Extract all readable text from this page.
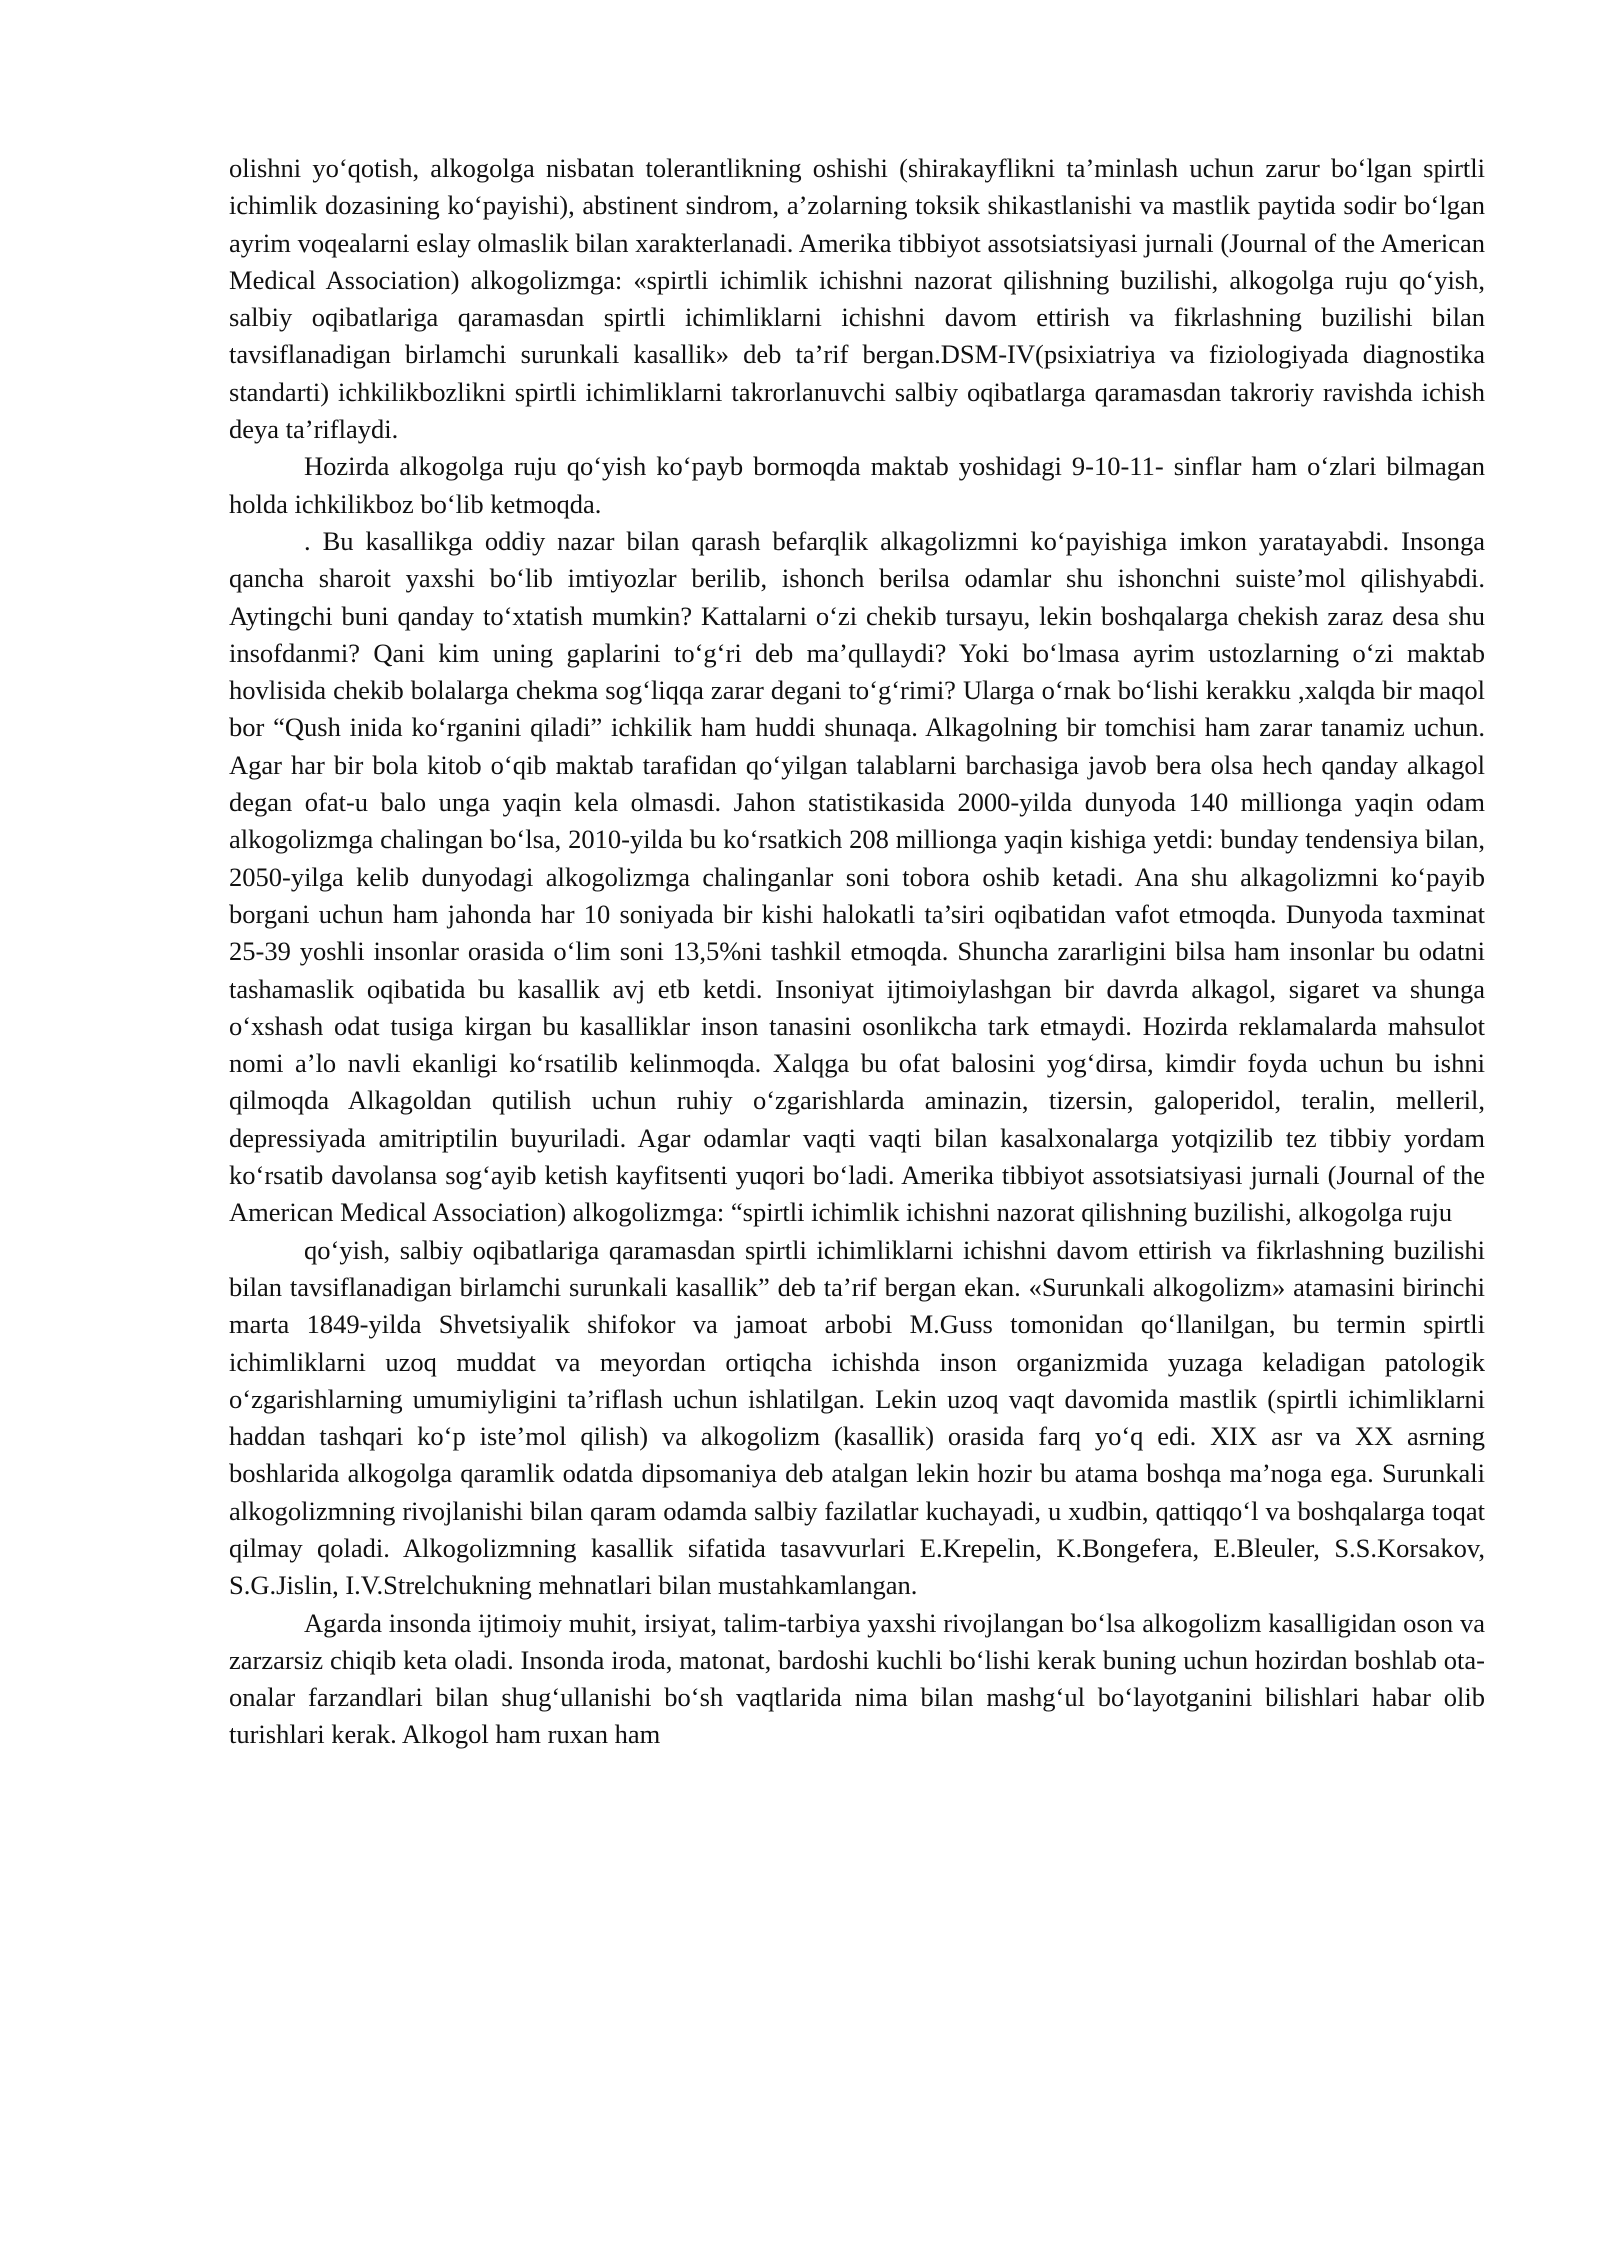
olishni yo‘qotish, alkogolga nisbatan tolerantlikning oshishi (shirakayflikni ta’minlash uchun zarur bo‘lgan spirtli ichimlik dozasining ko‘payishi), abstinent sindrom, a’zolarning toksik shikastlanishi va mastlik paytida sodir bo‘lgan ayrim voqealarni eslay olmaslik bilan xarakterlanadi. Amerika tibbiyot assotsiatsiyasi jurnali (Journal of the American Medical Association) alkogolizmga: «spirtli ichimlik ichishni nazorat qilishning buzilishi, alkogolga ruju qo‘yish, salbiy oqibatlariga qaramasdan spirtli ichimliklarni ichishni davom ettirish va fikrlashning buzilishi bilan tavsiflanadigan birlamchi surunkali kasallik» deb ta’rif bergan.DSM-IV(psixiatriya va fiziologiyada diagnostika standarti) ichkilikbozlikni spirtli ichimliklarni takrorlanuvchi salbiy oqibatlarga qaramasdan takroriy ravishda ichish deya ta’riflaydi.

Hozirda alkogolga ruju qo‘yish ko‘payb bormoqda maktab yoshidagi 9-10-11- sinflar ham o‘zlari bilmagan holda ichkilikboz bo‘lib ketmoqda.

. Bu kasallikga oddiy nazar bilan qarash befarqlik alkagolizmni ko‘payishiga imkon yaratayabdi. Insonga qancha sharoit yaxshi bo‘lib imtiyozlar berilib, ishonch berilsa odamlar shu ishonchni suiste’mol qilishyabdi. Aytingchi buni qanday to‘xtatish mumkin? Kattalarni o‘zi chekib tursayu, lekin boshqalarga chekish zaraz desa shu insofdanmi? Qani kim uning gaplarini to‘g‘ri deb ma’qullaydi? Yoki bo‘lmasa ayrim ustozlarning o‘zi maktab hovlisida chekib bolalarga chekma sog‘liqqa zarar degani to‘g‘rimi? Ularga o‘rnak bo‘lishi kerakku ,xalqda bir maqol bor “Qush inida ko‘rganini qiladi” ichkilik ham huddi shunaqa. Alkagolning bir tomchisi ham zarar tanamiz uchun. Agar har bir bola kitob o‘qib maktab tarafidan qo‘yilgan talablarni barchasiga javob bera olsa hech qanday alkagol degan ofat-u balo unga yaqin kela olmasdi. Jahon statistikasida 2000-yilda dunyoda 140 millionga yaqin odam alkogolizmga chalingan bo‘lsa, 2010-yilda bu ko‘rsatkich 208 millionga yaqin kishiga yetdi: bunday tendensiya bilan, 2050-yilga kelib dunyodagi alkogolizmga chalinganlar soni tobora oshib ketadi. Ana shu alkagolizmni ko‘payib borgani uchun ham jahonda har 10 soniyada bir kishi halokatli ta’siri oqibatidan vafot etmoqda. Dunyoda taxminat 25-39 yoshli insonlar orasida o‘lim soni 13,5%ni tashkil etmoqda. Shuncha zararligini bilsa ham insonlar bu odatni tashamaslik oqibatida bu kasallik avj etb ketdi. Insoniyat ijtimoiylashgan bir davrda alkagol, sigaret va shunga o‘xshash odat tusiga kirgan bu kasalliklar inson tanasini osonlikcha tark etmaydi. Hozirda reklamalarda mahsulot nomi a’lo navli ekanligi ko‘rsatilib kelinmoqda. Xalqga bu ofat balosini yog‘dirsa, kimdir foyda uchun bu ishni qilmoqda Alkagoldan qutilish uchun ruhiy o‘zgarishlarda aminazin, tizersin, galoperidol, teralin, melleril, depressiyada amitriptilin buyuriladi. Agar odamlar vaqti vaqti bilan kasalxonalarga yotqizilib tez tibbiy yordam ko‘rsatib davolansa sog‘ayib ketish kayfitsenti yuqori bo‘ladi. Amerika tibbiyot assotsiatsiyasi jurnali (Journal of the American Medical Association) alkogolizmga: “spirtli ichimlik ichishni nazorat qilishning buzilishi, alkogolga ruju

qo‘yish, salbiy oqibatlariga qaramasdan spirtli ichimliklarni ichishni davom ettirish va fikrlashning buzilishi bilan tavsiflanadigan birlamchi surunkali kasallik” deb ta’rif bergan ekan. «Surunkali alkogolizm» atamasini birinchi marta 1849-yilda Shvetsiyalik shifokor va jamoat arbobi M.Guss tomonidan qo‘llanilgan, bu termin spirtli ichimliklarni uzoq muddat va meyordan ortiqcha ichishda inson organizmida yuzaga keladigan patologik o‘zgarishlarning umumiyligini ta’riflash uchun ishlatilgan. Lekin uzoq vaqt davomida mastlik (spirtli ichimliklarni haddan tashqari ko‘p iste’mol qilish) va alkogolizm (kasallik) orasida farq yo‘q edi. XIX asr va XX asrning boshlarida alkogolga qaramlik odatda dipsomaniya deb atalgan lekin hozir bu atama boshqa ma’noga ega. Surunkali alkogolizmning rivojlanishi bilan qaram odamda salbiy fazilatlar kuchayadi, u xudbin, qattiqqo‘l va boshqalarga toqat qilmay qoladi. Alkogolizmning kasallik sifatida tasavvurlari E.Krepelin, K.Bongefera, E.Bleuler, S.S.Korsakov, S.G.Jislin, I.V.Strelchukning mehnatlari bilan mustahkamlangan.

Agarda insonda ijtimoiy muhit, irsiyat, talim-tarbiya yaxshi rivojlangan bo‘lsa alkogolizm kasalligidan oson va zarzarsiz chiqib keta oladi. Insonda iroda, matonat, bardoshi kuchli bo‘lishi kerak buning uchun hozirdan boshlab ota-onalar farzandlari bilan shug‘ullanishi bo‘sh vaqtlarida nima bilan mashg‘ul bo‘layotganini bilishlari habar olib turishlari kerak. Alkogol ham ruxan ham
